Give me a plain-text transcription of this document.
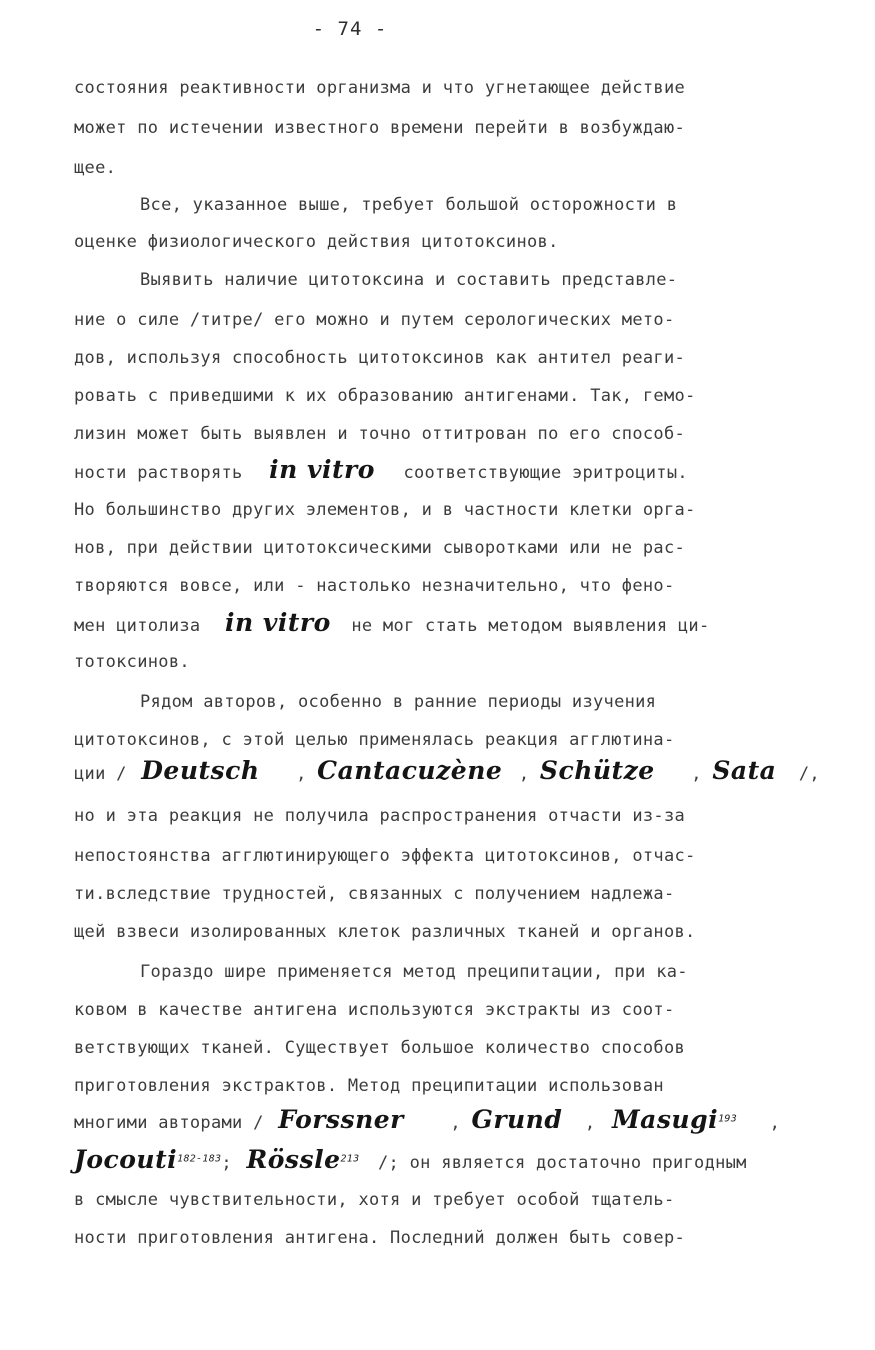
- 74 -
состояния реактивности организма и что угнетающее действие
может по истечении известного времени перейти в возбуждаю-
щее.
Все, указанное выше, требует большой осторожности в
оценке физиологического действия цитотоксинов.
Выявить наличие цитотоксина и составить представле-
ние о силе /титре/ его можно и путем серологических мето-
дов, используя способность цитотоксинов как антител реаги-
ровать с приведшими к их образованию антигенами. Так, гемо-
лизин может быть выявлен и точно оттитрован по его способ-
ности растворять in vitro соответствующие эритроциты.
Но большинство других элементов, и в частности клетки орга-
нов, при действии цитотоксическими сыворотками или не рас-
творяются вовсе, или - настолько незначительно, что фено-
мен цитолиза in vitro не мог стать методом выявления ци-
тотоксинов.
Рядом авторов, особенно в ранние периоды изучения
цитотоксинов, с этой целью применялась реакция агглютина-
ции / Deutsch , Cantacuzène , Schütze , Sata /,
но и эта реакция не получила распространения отчасти из-за
непостоянства агглютинирующего эффекта цитотоксинов, отчас-
ти.вследствие трудностей, связанных с получением надлежа-
щей взвеси изолированных клеток различных тканей и органов.
Гораздо шире применяется метод преципитации, при ка-
ковом в качестве антигена используются экстракты из соот-
ветствующих тканей. Существует большое количество способов
приготовления экстрактов. Метод преципитации использован
многими авторами / Forssner	, Grund , Masugi$^{193}$ ,
Jocouti$^{182-183}$; Rössle$^{213}$ /; он является достаточно пригодным
в смысле чувствительности, хотя и требует особой тщатель-
ности приготовления антигена. Последний должен быть совер-
